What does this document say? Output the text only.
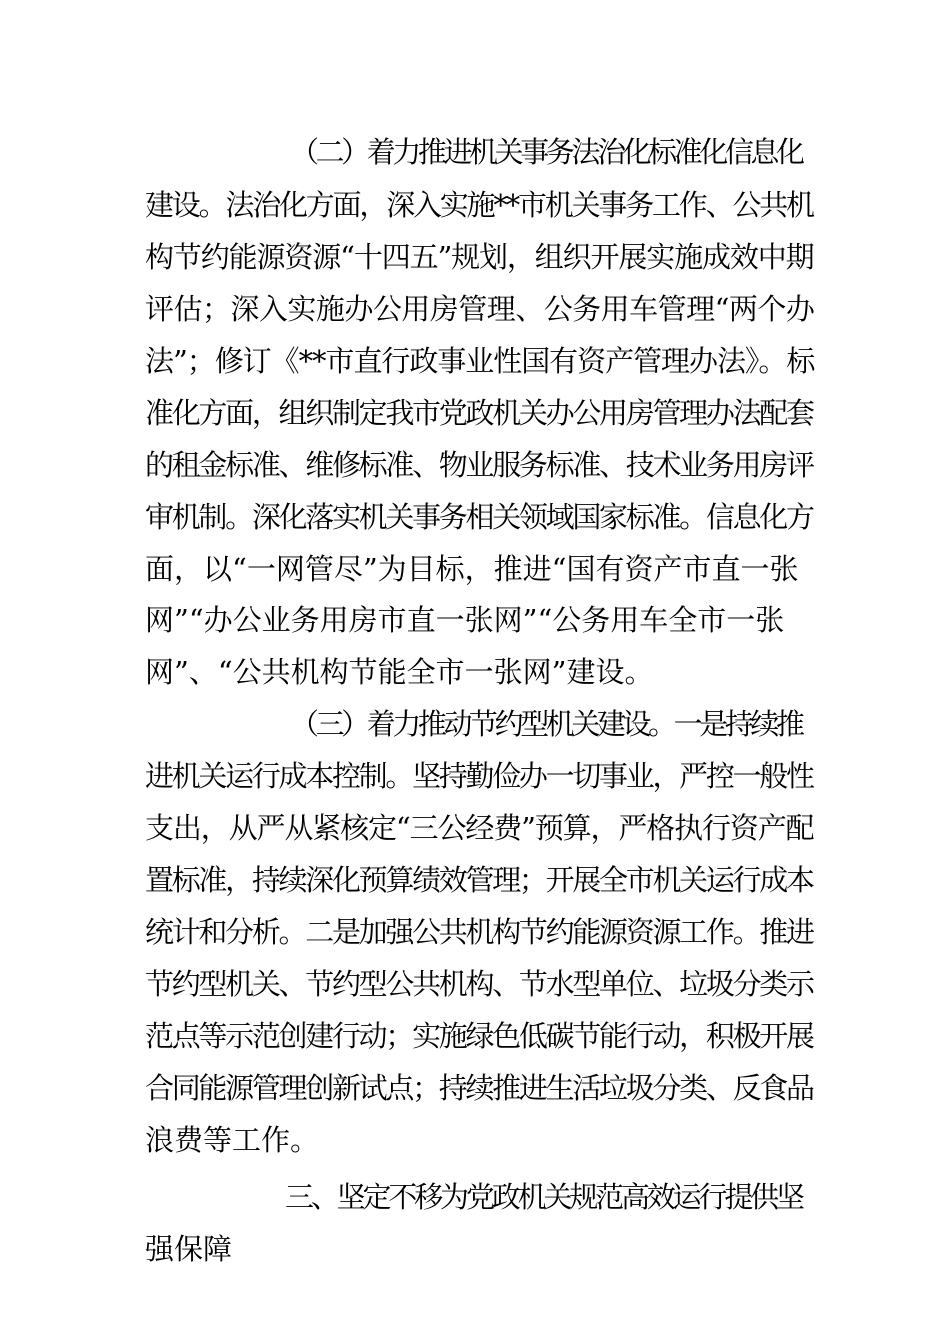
（二）着力推进机关事务法治化标准化信息化
建设。法治化方面，深入实施**市机关事务工作、公共机
构节约能源资源“十四五”规划，组织开展实施成效中期
评估；深入实施办公用房管理、公务用车管理“两个办
法”；修订《**市直行政事业性国有资产管理办法》。标
准化方面，组织制定我市党政机关办公用房管理办法配套
的租金标准、维修标准、物业服务标准、技术业务用房评
审机制。深化落实机关事务相关领域国家标准。信息化方
面，以“一网管尽”为目标，推进“国有资产市直一张
网”“办公业务用房市直一张网”“公务用车全市一张
网”、“公共机构节能全市一张网”建设。
（三）着力推动节约型机关建设。一是持续推
进机关运行成本控制。坚持勤俭办一切事业，严控一般性
支出，从严从紧核定“三公经费”预算，严格执行资产配
置标准，持续深化预算绩效管理；开展全市机关运行成本
统计和分析。二是加强公共机构节约能源资源工作。推进
节约型机关、节约型公共机构、节水型单位、垃圾分类示
范点等示范创建行动；实施绿色低碳节能行动，积极开展
合同能源管理创新试点；持续推进生活垃圾分类、反食品
浪费等工作。
三、坚定不移为党政机关规范高效运行提供坚
强保障
